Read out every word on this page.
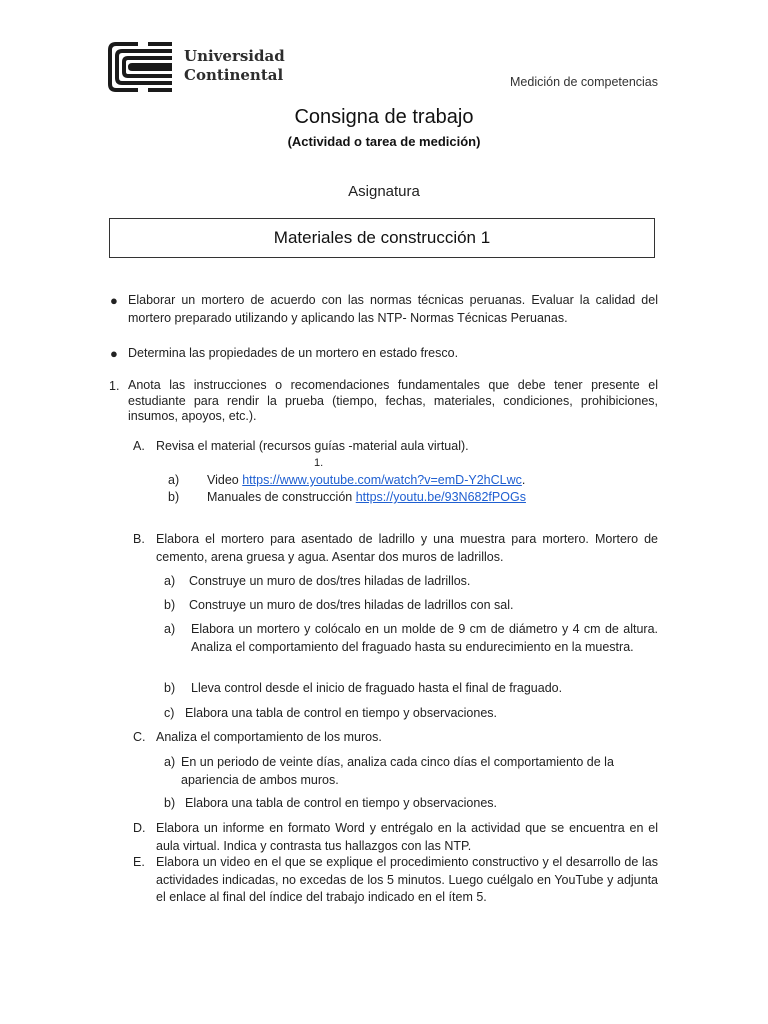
Universidad
Continental	Medición de competencias
Consigna de trabajo
(Actividad o tarea de medición)
Asignatura
Materiales de construcción 1
● Elaborar un mortero de acuerdo con las normas técnicas peruanas. Evaluar la calidad del mortero preparado utilizando y aplicando las NTP- Normas Técnicas Peruanas.
● Determina las propiedades de un mortero en estado fresco.
1. Anota las instrucciones o recomendaciones fundamentales que debe tener presente el estudiante para rendir la prueba (tiempo, fechas, materiales, condiciones, prohibiciones, insumos, apoyos, etc.).
A. Revisa el material (recursos guías -material aula virtual).
1.
a) Video https://www.youtube.com/watch?v=emD-Y2hCLwc.
b) Manuales de construcción https://youtu.be/93N682fPOGs
B. Elabora el mortero para asentado de ladrillo y una muestra para mortero. Mortero de cemento, arena gruesa y agua. Asentar dos muros de ladrillos.
a) Construye un muro de dos/tres hiladas de ladrillos.
b) Construye un muro de dos/tres hiladas de ladrillos con sal.
a) Elabora un mortero y colócalo en un molde de 9 cm de diámetro y 4 cm de altura. Analiza el comportamiento del fraguado hasta su endurecimiento en la muestra.
b) Lleva control desde el inicio de fraguado hasta el final de fraguado.
c) Elabora una tabla de control en tiempo y observaciones.
C. Analiza el comportamiento de los muros.
a) En un periodo de veinte días, analiza cada cinco días el comportamiento de la apariencia de ambos muros.
b) Elabora una tabla de control en tiempo y observaciones.
D. Elabora un informe en formato Word y entrégalo en la actividad que se encuentra en el aula virtual. Indica y contrasta tus hallazgos con las NTP.
E. Elabora un video en el que se explique el procedimiento constructivo y el desarrollo de las actividades indicadas, no excedas de los 5 minutos. Luego cuélgalo en YouTube y adjunta el enlace al final del índice del trabajo indicado en el ítem 5.
